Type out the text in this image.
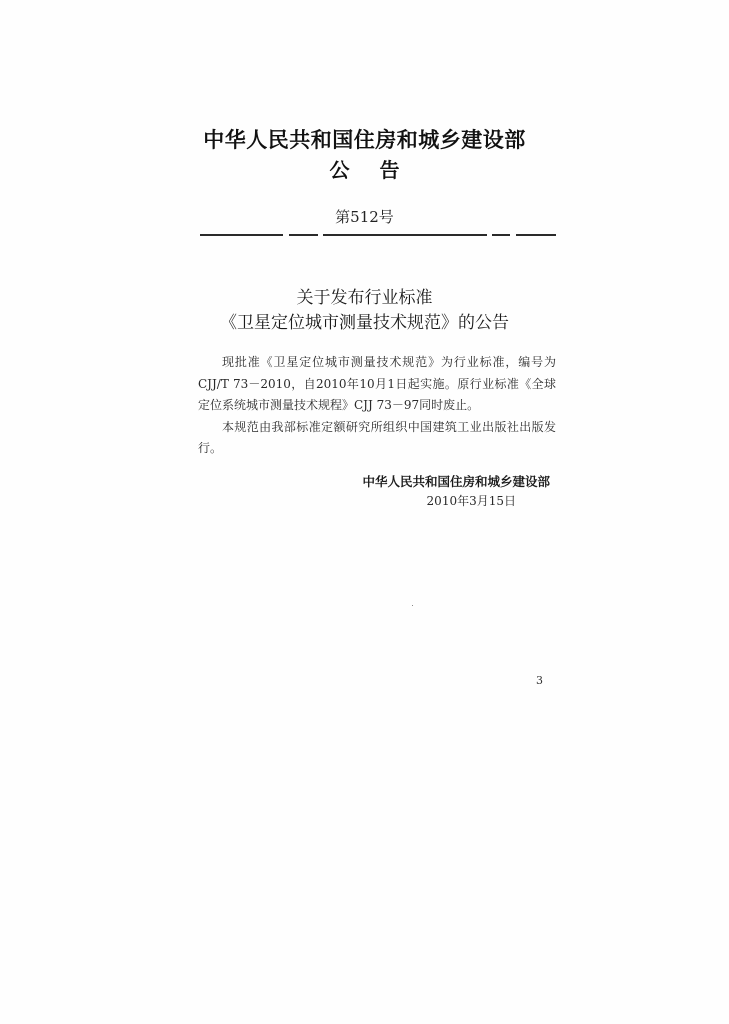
中华人民共和国住房和城乡建设部
公告
第512号
关于发布行业标准
《卫星定位城市测量技术规范》的公告

现批准《卫星定位城市测量技术规范》为行业标准，编号为CJJ/T 73－2010，自2010年10月1日起实施。原行业标准《全球定位系统城市测量技术规程》CJJ 73－97同时废止。

本规范由我部标准定额研究所组织中国建筑工业出版社出版发行。

中华人民共和国住房和城乡建设部
2010年3月15日
3
